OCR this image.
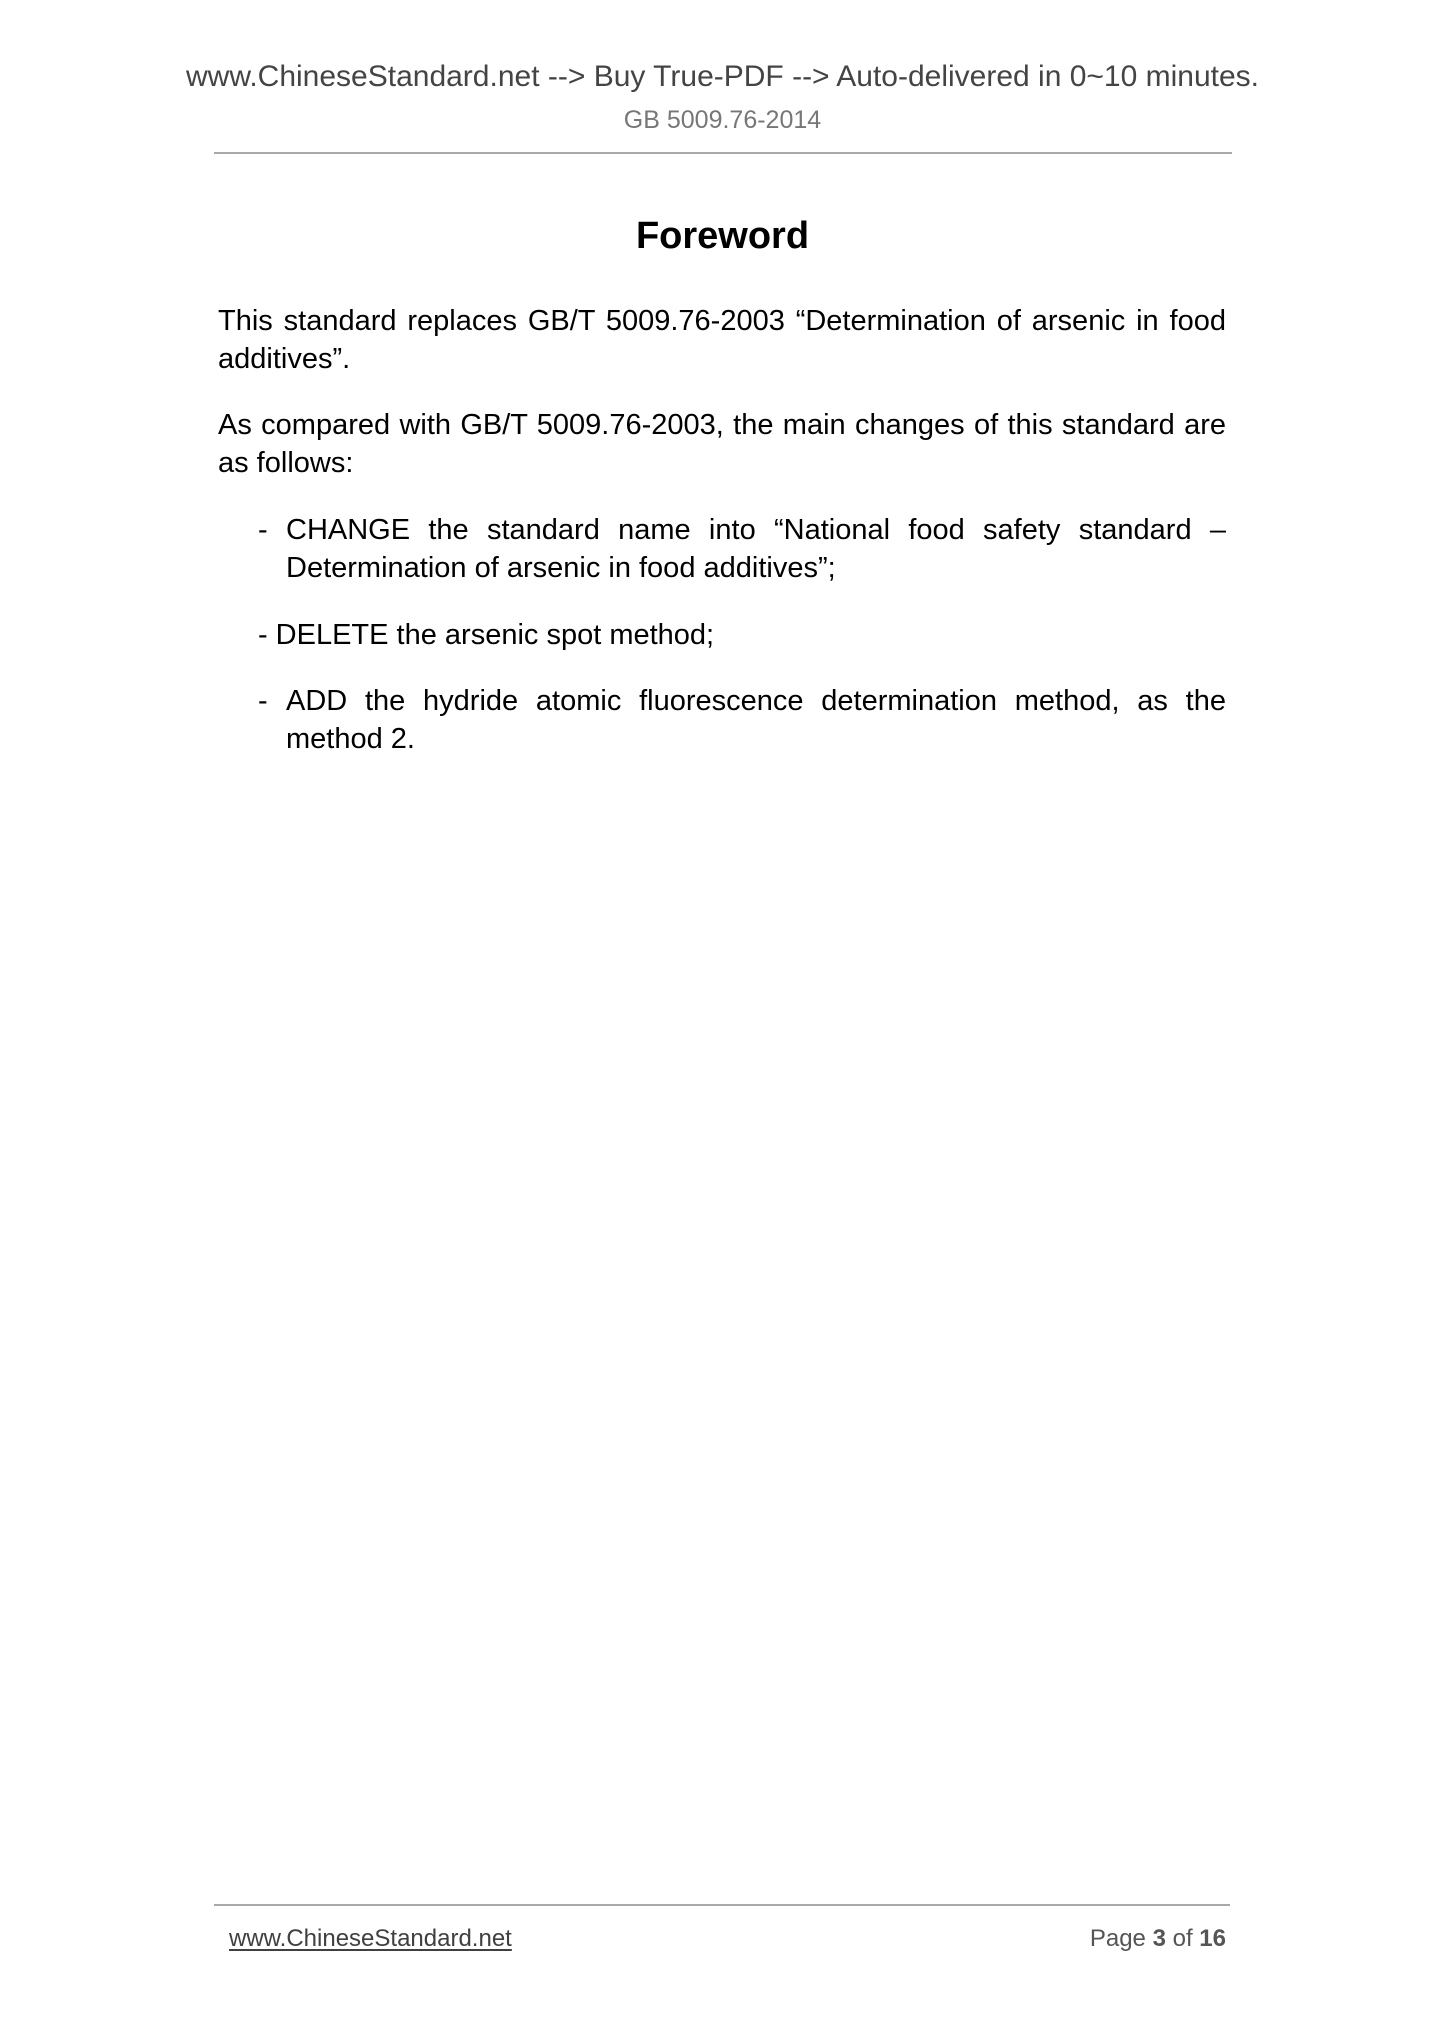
www.ChineseStandard.net --> Buy True-PDF --> Auto-delivered in 0~10 minutes.
GB 5009.76-2014
Foreword

This standard replaces GB/T 5009.76-2003 “Determination of arsenic in food additives”.

As compared with GB/T 5009.76-2003, the main changes of this standard are as follows:

- CHANGE the standard name into “National food safety standard – Determination of arsenic in food additives”;

- DELETE the arsenic spot method;

- ADD the hydride atomic fluorescence determination method, as the method 2.

www.ChineseStandard.net	Page 3 of 16
